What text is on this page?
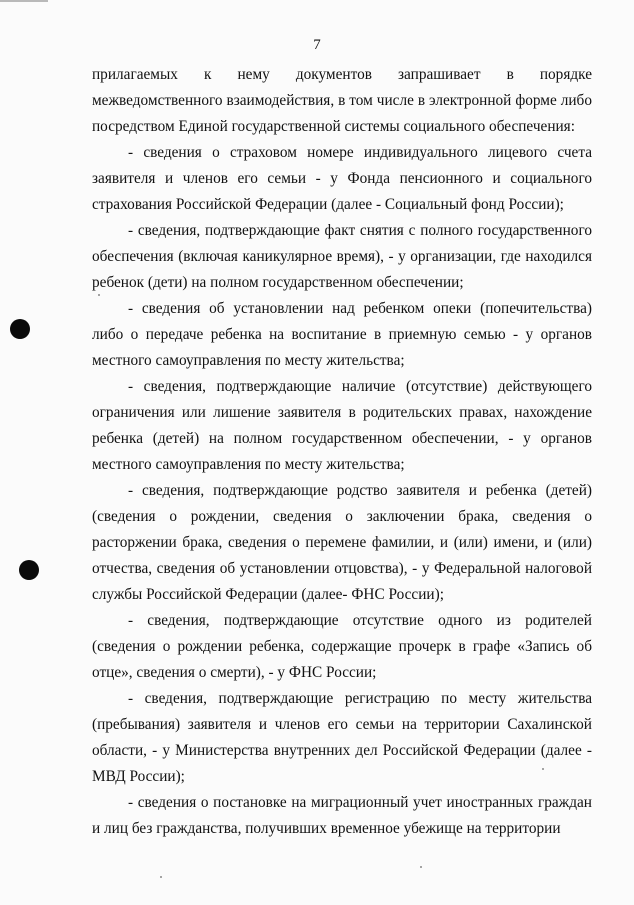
7

прилагаемых к нему документов запрашивает в порядке межведомственного взаимодействия, в том числе в электронной форме либо посредством Единой государственной системы социального обеспечения:

- сведения о страховом номере индивидуального лицевого счета заявителя и членов его семьи - у Фонда пенсионного и социального страхования Российской Федерации (далее - Социальный фонд России);

- сведения, подтверждающие факт снятия с полного государственного обеспечения (включая каникулярное время), - у организации, где находился ребенок (дети) на полном государственном обеспечении;

- сведения об установлении над ребенком опеки (попечительства) либо о передаче ребенка на воспитание в приемную семью - у органов местного самоуправления по месту жительства;

- сведения, подтверждающие наличие (отсутствие) действующего ограничения или лишение заявителя в родительских правах, нахождение ребенка (детей) на полном государственном обеспечении, - у органов местного самоуправления по месту жительства;

- сведения, подтверждающие родство заявителя и ребенка (детей) (сведения о рождении, сведения о заключении брака, сведения о расторжении брака, сведения о перемене фамилии, и (или) имени, и (или) отчества, сведения об установлении отцовства), - у Федеральной налоговой службы Российской Федерации (далее- ФНС России);

- сведения, подтверждающие отсутствие одного из родителей (сведения о рождении ребенка, содержащие прочерк в графе «Запись об отце», сведения о смерти), - у ФНС России;

- сведения, подтверждающие регистрацию по месту жительства (пребывания) заявителя и членов его семьи на территории Сахалинской области, - у Министерства внутренних дел Российской Федерации (далее - МВД России);

- сведения о постановке на миграционный учет иностранных граждан и лиц без гражданства, получивших временное убежище на территории
